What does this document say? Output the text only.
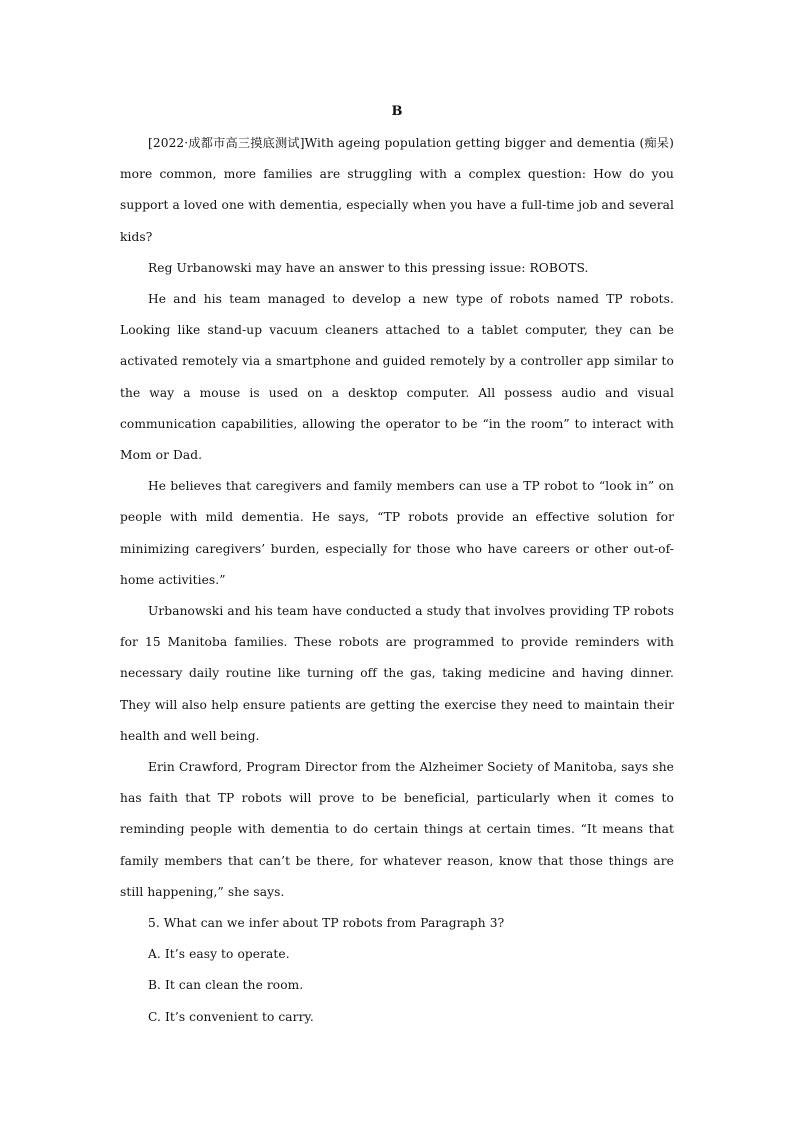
B

[2022·成都市高三摸底测试]With ageing population getting bigger and dementia (痴呆) more common, more families are struggling with a complex question: How do you support a loved one with dementia, especially when you have a full-time job and several kids?

Reg Urbanowski may have an answer to this pressing issue: ROBOTS.

He and his team managed to develop a new type of robots named TP robots. Looking like stand-up vacuum cleaners attached to a tablet computer, they can be activated remotely via a smartphone and guided remotely by a controller app similar to the way a mouse is used on a desktop computer. All possess audio and visual communication capabilities, allowing the operator to be “in the room” to interact with Mom or Dad.

He believes that caregivers and family members can use a TP robot to “look in” on people with mild dementia. He says, “TP robots provide an effective solution for minimizing caregivers’ burden, especially for those who have careers or other out-of-home activities.”

Urbanowski and his team have conducted a study that involves providing TP robots for 15 Manitoba families. These robots are programmed to provide reminders with necessary daily routine like turning off the gas, taking medicine and having dinner. They will also help ensure patients are getting the exercise they need to maintain their health and well being.

Erin Crawford, Program Director from the Alzheimer Society of Manitoba, says she has faith that TP robots will prove to be beneficial, particularly when it comes to reminding people with dementia to do certain things at certain times. “It means that family members that can’t be there, for whatever reason, know that those things are still happening,” she says.

5. What can we infer about TP robots from Paragraph 3?

A. It’s easy to operate.

B. It can clean the room.

C. It’s convenient to carry.
